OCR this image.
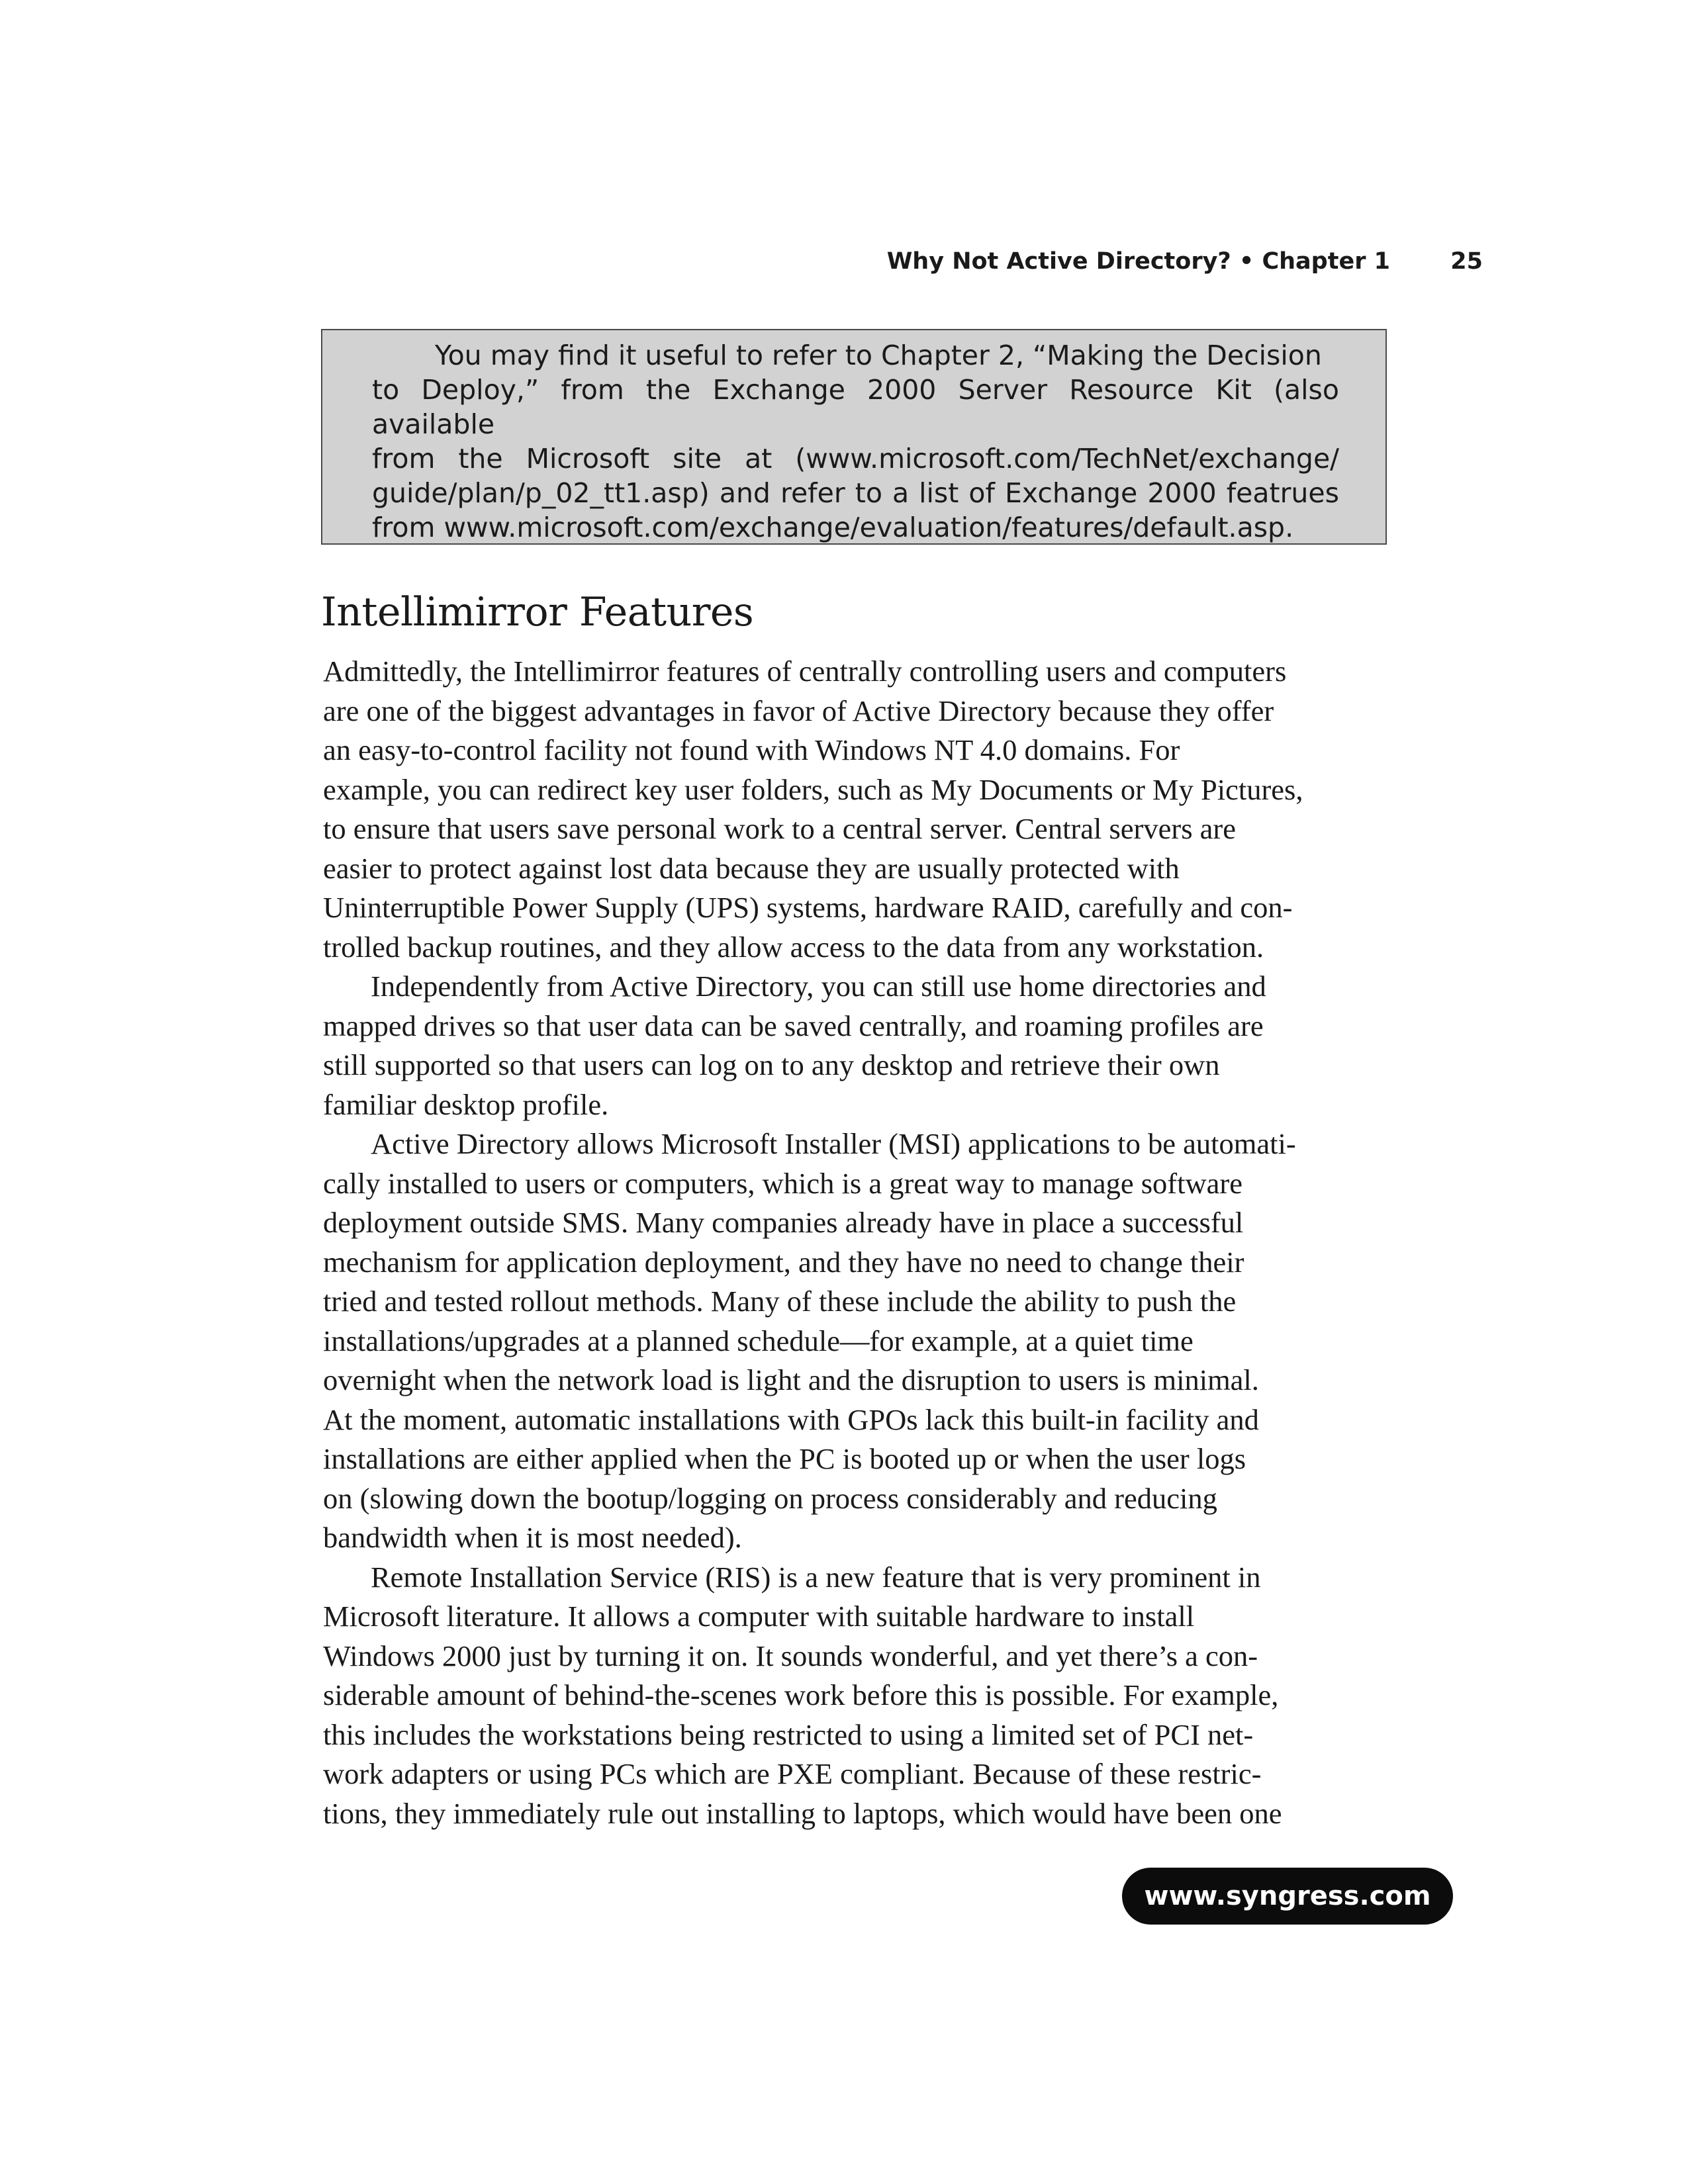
Why Not Active Directory? • Chapter 1	25
You may find it useful to refer to Chapter 2, “Making the Decision
to Deploy,” from the Exchange 2000 Server Resource Kit (also available
from the Microsoft site at (www.microsoft.com/TechNet/exchange/
guide/plan/p_02_tt1.asp) and refer to a list of Exchange 2000 featrues
from www.microsoft.com/exchange/evaluation/features/default.asp.
Intellimirror Features
Admittedly, the Intellimirror features of centrally controlling users and computers
are one of the biggest advantages in favor of Active Directory because they offer
an easy-to-control facility not found with Windows NT 4.0 domains. For
example, you can redirect key user folders, such as My Documents or My Pictures,
to ensure that users save personal work to a central server. Central servers are
easier to protect against lost data because they are usually protected with
Uninterruptible Power Supply (UPS) systems, hardware RAID, carefully and con-
trolled backup routines, and they allow access to the data from any workstation.
Independently from Active Directory, you can still use home directories and
mapped drives so that user data can be saved centrally, and roaming profiles are
still supported so that users can log on to any desktop and retrieve their own
familiar desktop profile.
Active Directory allows Microsoft Installer (MSI) applications to be automati-
cally installed to users or computers, which is a great way to manage software
deployment outside SMS. Many companies already have in place a successful
mechanism for application deployment, and they have no need to change their
tried and tested rollout methods. Many of these include the ability to push the
installations/upgrades at a planned schedule—for example, at a quiet time
overnight when the network load is light and the disruption to users is minimal.
At the moment, automatic installations with GPOs lack this built-in facility and
installations are either applied when the PC is booted up or when the user logs
on (slowing down the bootup/logging on process considerably and reducing
bandwidth when it is most needed).
Remote Installation Service (RIS) is a new feature that is very prominent in
Microsoft literature. It allows a computer with suitable hardware to install
Windows 2000 just by turning it on. It sounds wonderful, and yet there’s a con-
siderable amount of behind-the-scenes work before this is possible. For example,
this includes the workstations being restricted to using a limited set of PCI net-
work adapters or using PCs which are PXE compliant. Because of these restric-
tions, they immediately rule out installing to laptops, which would have been one
www.syngress.com
